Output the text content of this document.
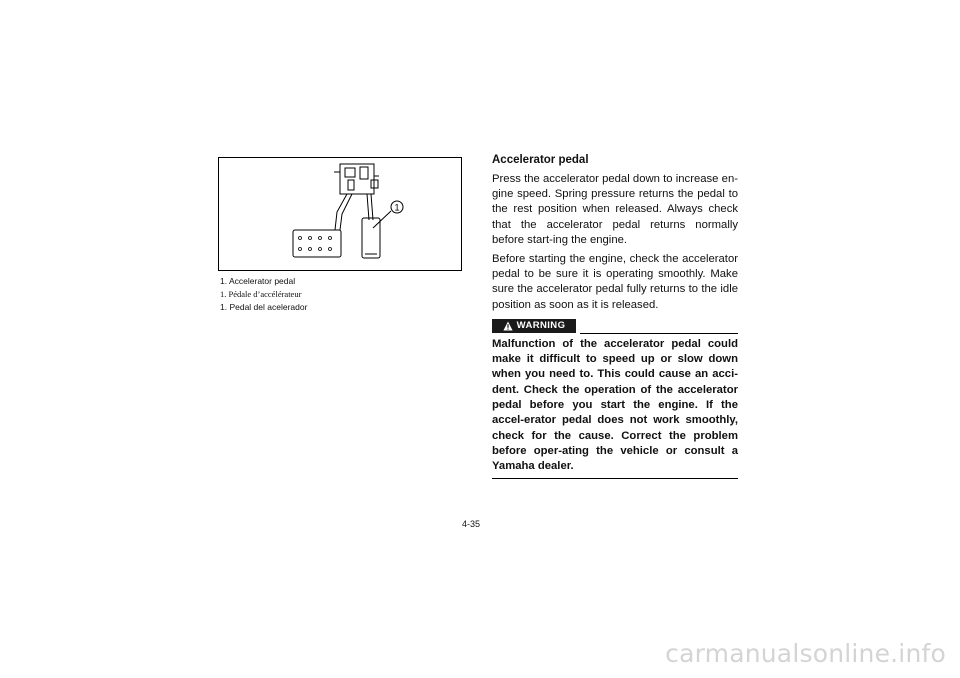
1

1. Accelerator pedal

1. Pédale d’accélérateur

1. Pedal del acelerador

Accelerator pedal

Press the accelerator pedal down to increase en-gine speed. Spring pressure returns the pedal to the rest position when released. Always check that the accelerator pedal returns normally before start-ing the engine.

Before starting the engine, check the accelerator pedal to be sure it is operating smoothly. Make sure the accelerator pedal fully returns to the idle position as soon as it is released.

WARNING

Malfunction of the accelerator pedal could make it difficult to speed up or slow down when you need to. This could cause an acci-dent. Check the operation of the accelerator pedal before you start the engine. If the accel-erator pedal does not work smoothly, check for the cause. Correct the problem before oper-ating the vehicle or consult a Yamaha dealer.

4-35
carmanualsonline.info
